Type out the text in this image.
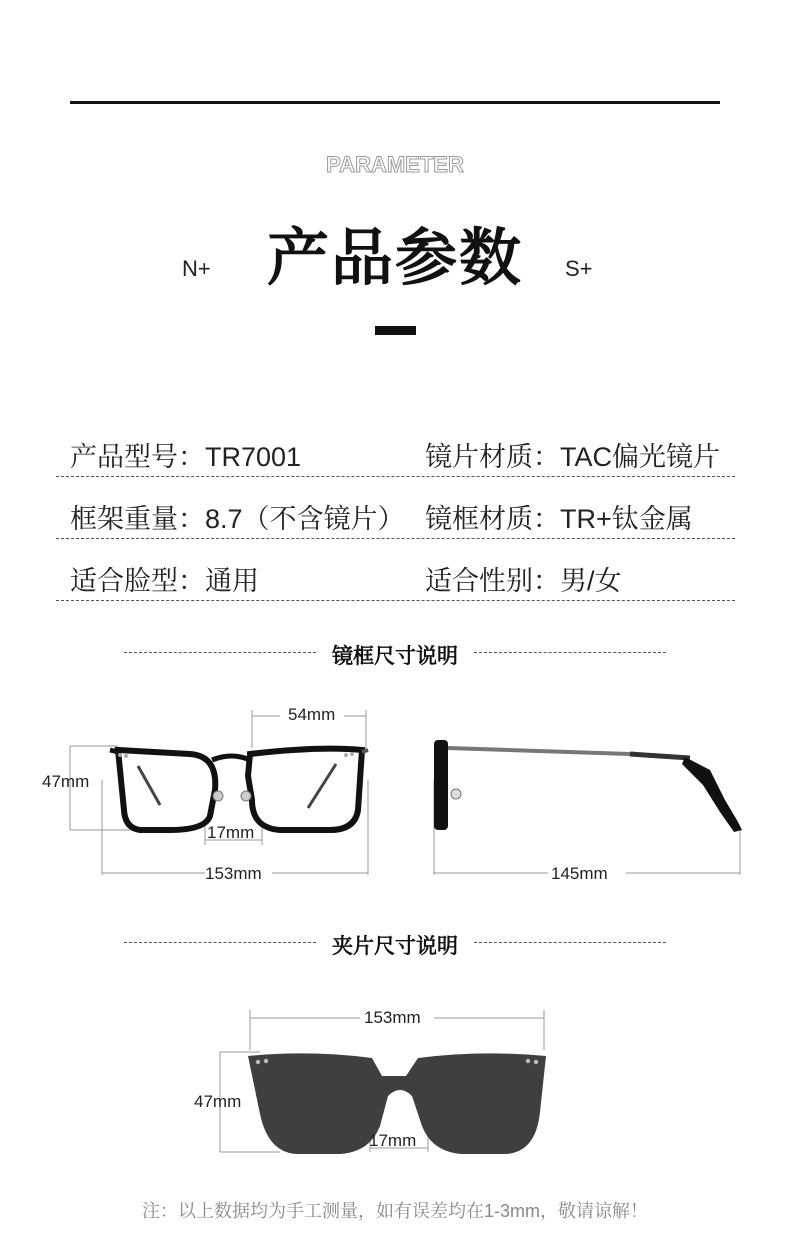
PARAMETER
产品参数
N+	S+
产品型号：TR7001	镜片材质：TAC偏光镜片
框架重量：8.7（不含镜片） 镜框材质：TR+钛金属
适合脸型：通用	适合性别：男/女
镜框尺寸说明
54mm
47mm
17mm
153mm	145mm
夹片尺寸说明
153mm
47mm
17mm
注：以上数据均为手工测量，如有误差均在1-3mm，敬请谅解！
